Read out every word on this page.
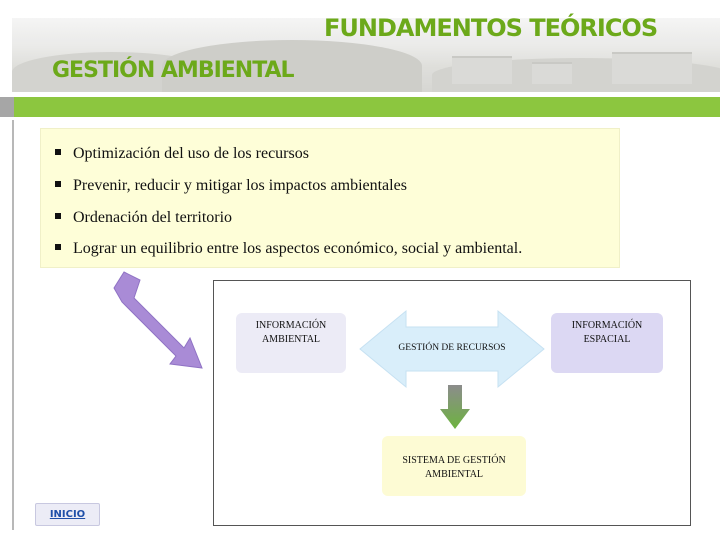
FUNDAMENTOS TEÓRICOS
GESTIÓN AMBIENTAL
Optimización del uso de los recursos
Prevenir, reducir y mitigar los impactos ambientales
Ordenación del territorio
Lograr un equilibrio entre los aspectos económico, social y ambiental.
INFORMACIÓN AMBIENTAL
INFORMACIÓN ESPACIAL
GESTIÓN DE RECURSOS
SISTEMA DE GESTIÓN AMBIENTAL
INICIO
